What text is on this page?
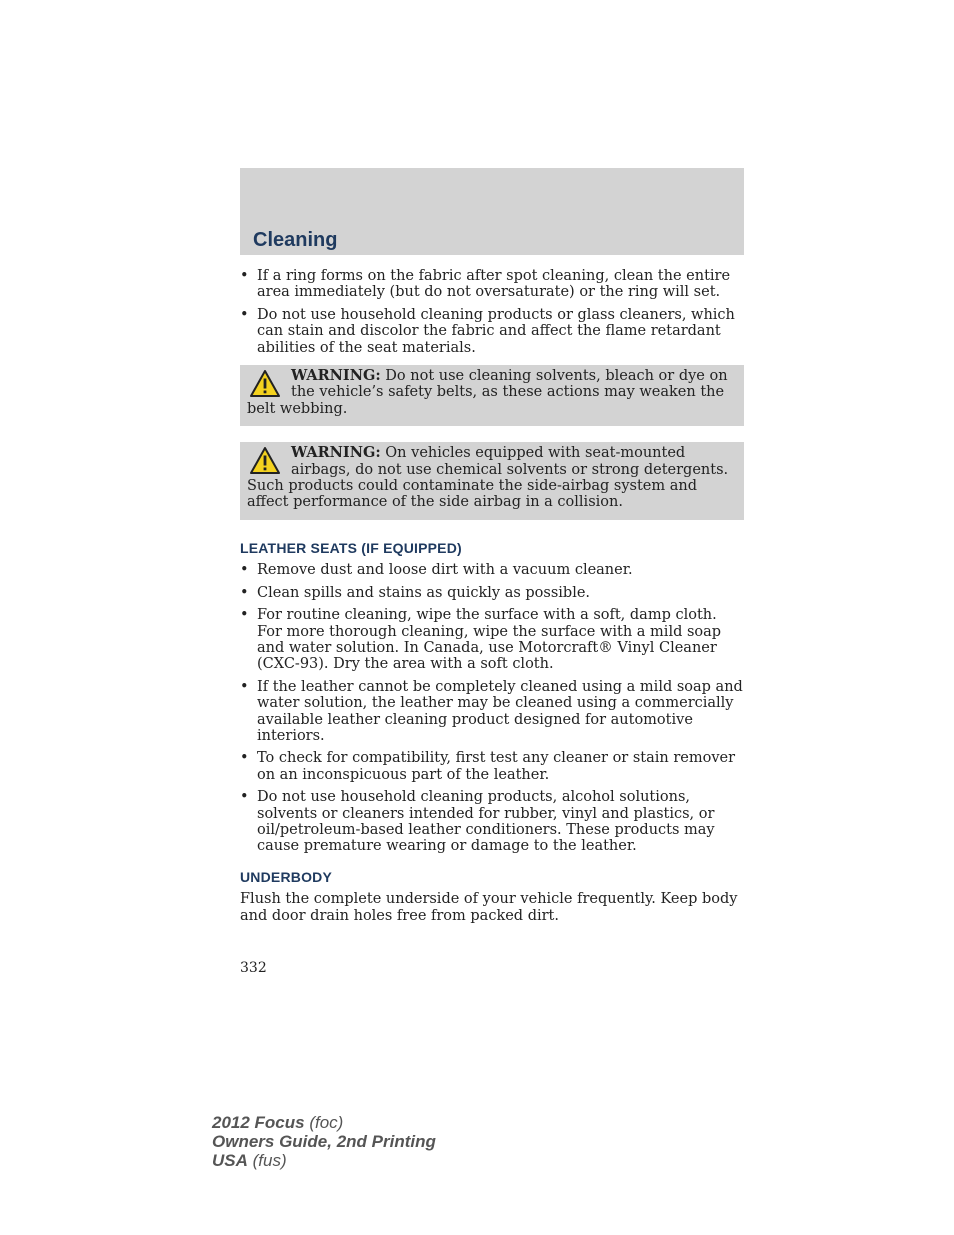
Cleaning
• If a ring forms on the fabric after spot cleaning, clean the entire area immediately (but do not oversaturate) or the ring will set.
• Do not use household cleaning products or glass cleaners, which can stain and discolor the fabric and affect the flame retardant abilities of the seat materials.
WARNING: Do not use cleaning solvents, bleach or dye on the vehicle’s safety belts, as these actions may weaken the belt webbing.
WARNING: On vehicles equipped with seat-mounted airbags, do not use chemical solvents or strong detergents. Such products could contaminate the side-airbag system and affect performance of the side airbag in a collision.
LEATHER SEATS (IF EQUIPPED)
• Remove dust and loose dirt with a vacuum cleaner.
• Clean spills and stains as quickly as possible.
• For routine cleaning, wipe the surface with a soft, damp cloth. For more thorough cleaning, wipe the surface with a mild soap and water solution. In Canada, use Motorcraft® Vinyl Cleaner (CXC-93). Dry the area with a soft cloth.
• If the leather cannot be completely cleaned using a mild soap and water solution, the leather may be cleaned using a commercially available leather cleaning product designed for automotive interiors.
• To check for compatibility, first test any cleaner or stain remover on an inconspicuous part of the leather.
• Do not use household cleaning products, alcohol solutions, solvents or cleaners intended for rubber, vinyl and plastics, or oil/petroleum-based leather conditioners. These products may cause premature wearing or damage to the leather.
UNDERBODY

Flush the complete underside of your vehicle frequently. Keep body and door drain holes free from packed dirt.

332
2012 Focus (foc)
Owners Guide, 2nd Printing
USA (fus)
